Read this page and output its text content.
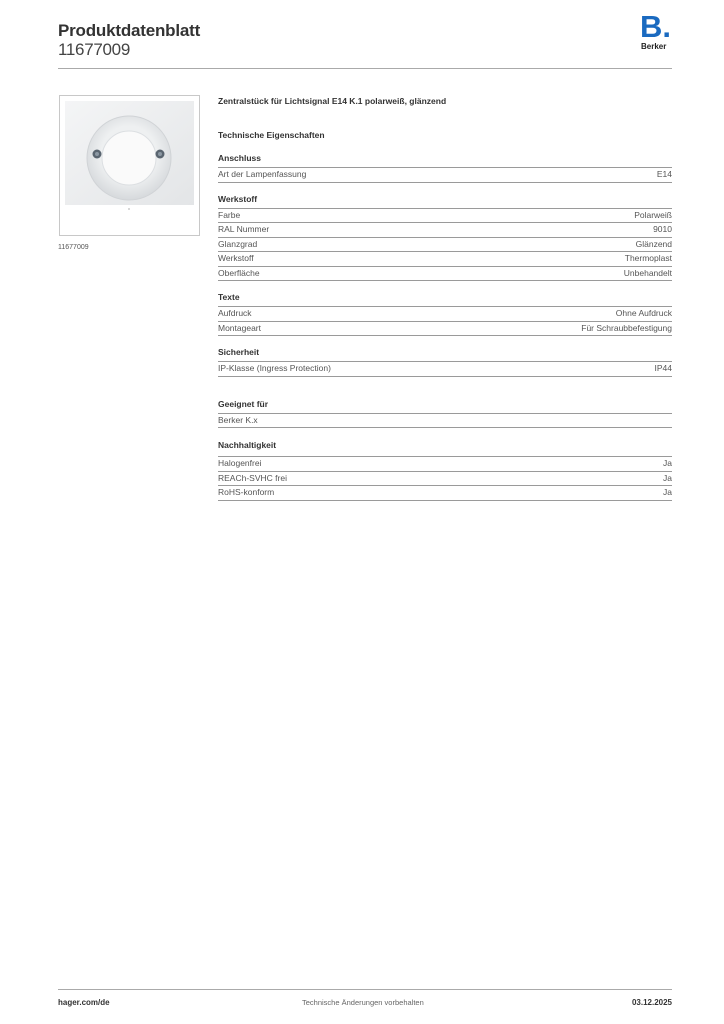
Produktdatenblatt
11677009
B.
Berker
11677009
Zentralstück für Lichtsignal E14 K.1 polarweiß, glänzend
Technische Eigenschaften
Anschluss
Art der Lampenfassung	E14
Werkstoff
Farbe	Polarweiß
RAL Nummer	9010
Glanzgrad	Glänzend
Werkstoff	Thermoplast
Oberfläche	Unbehandelt
Texte
Aufdruck	Ohne Aufdruck
Montageart	Für Schraubbefestigung
Sicherheit
IP-Klasse (Ingress Protection)	IP44
Geeignet für
Berker K.x
Nachhaltigkeit
Halogenfrei	Ja
REACh-SVHC frei	Ja
RoHS-konform	Ja
hager.com/de	Technische Änderungen vorbehalten	03.12.2025
